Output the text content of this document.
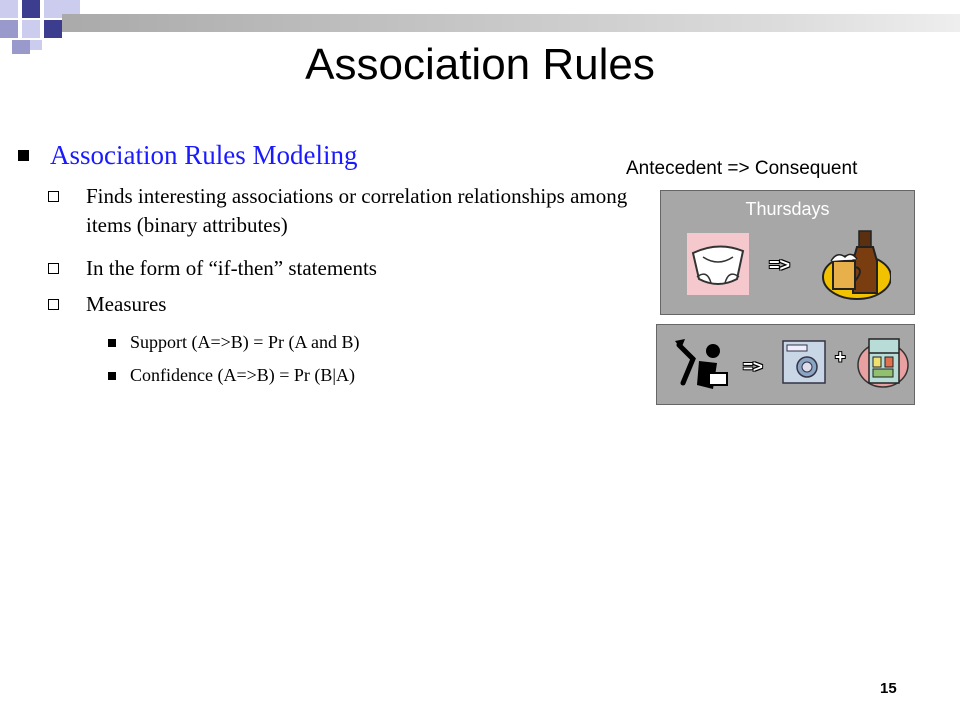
Association Rules
Association Rules Modeling
Finds interesting associations or correlation relationships among items (binary attributes)
In the form of “if-then” statements
Measures
Support (A=>B) = Pr (A and B)
Confidence (A=>B) = Pr (B|A)
Antecedent => Consequent
Thursdays
=>
=>	+
15
